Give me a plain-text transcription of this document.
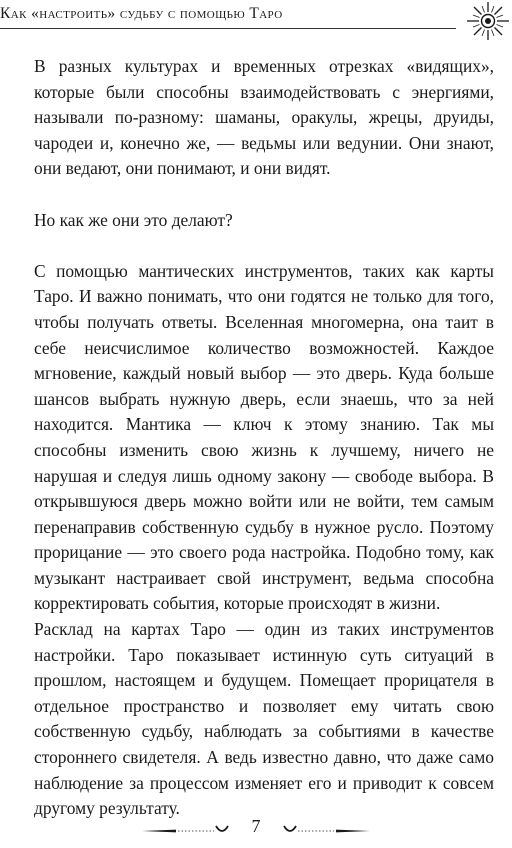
Как «настроить» судьбу с помощью Таро

В разных культурах и временных отрезках «видящих», которые были способны взаимодействовать с энергиями, называли по-разному: шаманы, оракулы, жрецы, друиды, чародеи и, конечно же, — ведьмы или ведунии. Они знают, они ведают, они понимают, и они видят.

Но как же они это делают?

С помощью мантических инструментов, таких как карты Таро. И важно понимать, что они годятся не только для того, чтобы получать ответы. Вселенная многомерна, она таит в себе неисчислимое количество возможностей. Каждое мгновение, каждый новый выбор — это дверь. Куда больше шансов выбрать нужную дверь, если знаешь, что за ней находится. Мантика — ключ к этому знанию. Так мы способны изменить свою жизнь к лучшему, ничего не нарушая и следуя лишь одному закону — свободе выбора. В открывшуюся дверь можно войти или не войти, тем самым перенаправив собственную судьбу в нужное русло. Поэтому прорицание — это своего рода настройка. Подобно тому, как музыкант настраивает свой инструмент, ведьма способна корректировать события, которые происходят в жизни.

Расклад на картах Таро — один из таких инструментов настройки. Таро показывает истинную суть ситуаций в прошлом, настоящем и будущем. Помещает прорицателя в отдельное пространство и позволяет ему читать свою собственную судьбу, наблюдать за событиями в качестве стороннего свидетеля. А ведь известно давно, что даже само наблюдение за процессом изменяет его и приводит к совсем другому результату.

7
